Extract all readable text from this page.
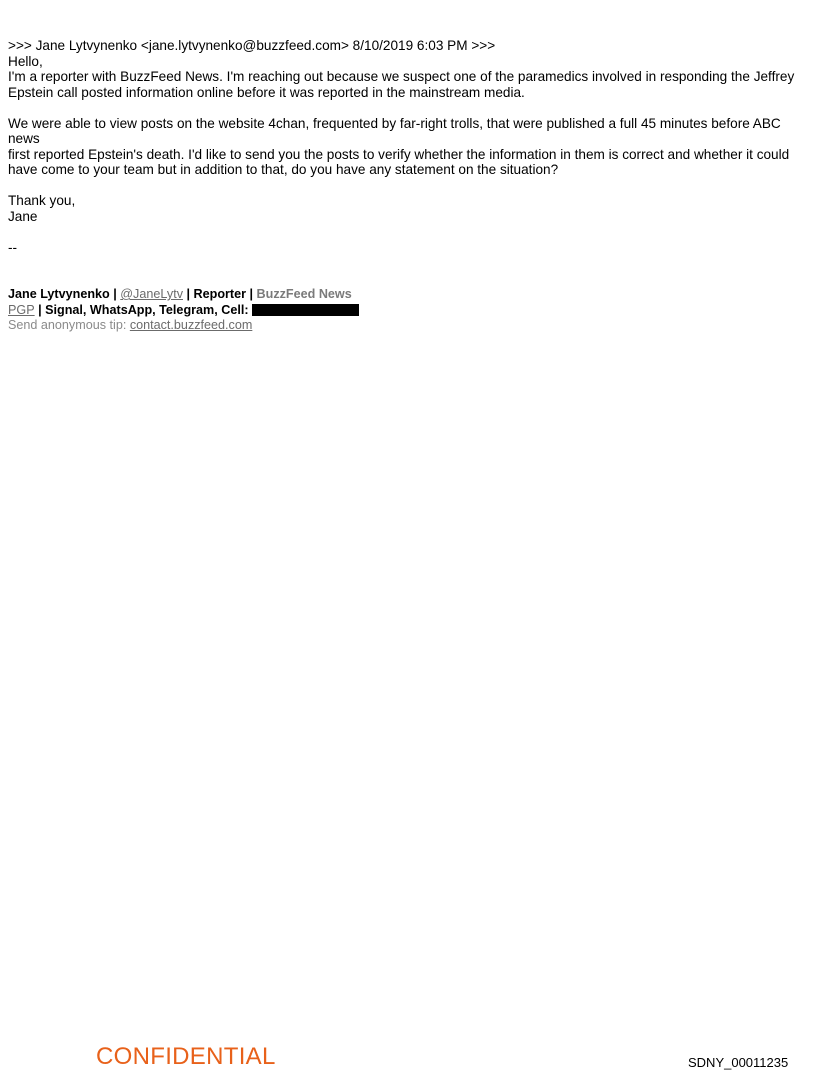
>>> Jane Lytvynenko <jane.lytvynenko@buzzfeed.com> 8/10/2019 6:03 PM >>>

Hello,

I'm a reporter with BuzzFeed News. I'm reaching out because we suspect one of the paramedics involved in responding the Jeffrey

Epstein call posted information online before it was reported in the mainstream media.

We were able to view posts on the website 4chan, frequented by far-right trolls, that were published a full 45 minutes before ABC news

first reported Epstein's death. I'd like to send you the posts to verify whether the information in them is correct and whether it could

have come to your team but in addition to that, do you have any statement on the situation?

Thank you,

Jane

--

Jane Lytvynenko | @JaneLytv | Reporter | BuzzFeed News

PGP | Signal, WhatsApp, Telegram, Cell:

Send anonymous tip: contact.buzzfeed.com

CONFIDENTIAL	SDNY_00011235
